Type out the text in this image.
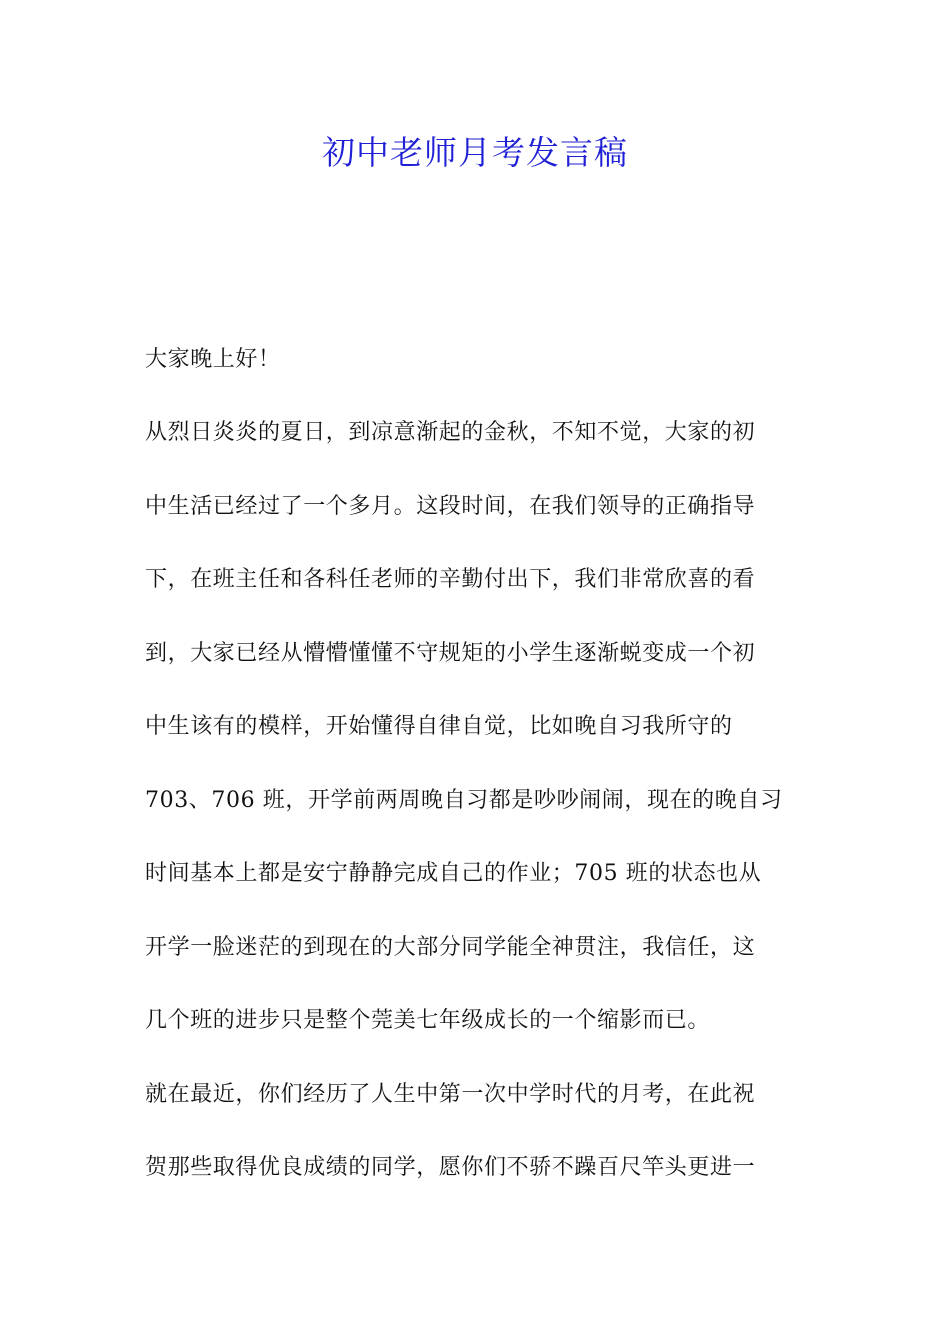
初中老师月考发言稿
大家晚上好！
从烈日炎炎的夏日，到凉意渐起的金秋，不知不觉，大家的初
中生活已经过了一个多月。这段时间，在我们领导的正确指导
下，在班主任和各科任老师的辛勤付出下，我们非常欣喜的看
到，大家已经从懵懵懂懂不守规矩的小学生逐渐蜕变成一个初
中生该有的模样，开始懂得自律自觉，比如晚自习我所守的
703、706 班，开学前两周晚自习都是吵吵闹闹，现在的晚自习
时间基本上都是安宁静静完成自己的作业；705 班的状态也从
开学一脸迷茫的到现在的大部分同学能全神贯注，我信任，这
几个班的进步只是整个莞美七年级成长的一个缩影而已。
就在最近，你们经历了人生中第一次中学时代的月考，在此祝
贺那些取得优良成绩的同学，愿你们不骄不躁百尺竿头更进一
